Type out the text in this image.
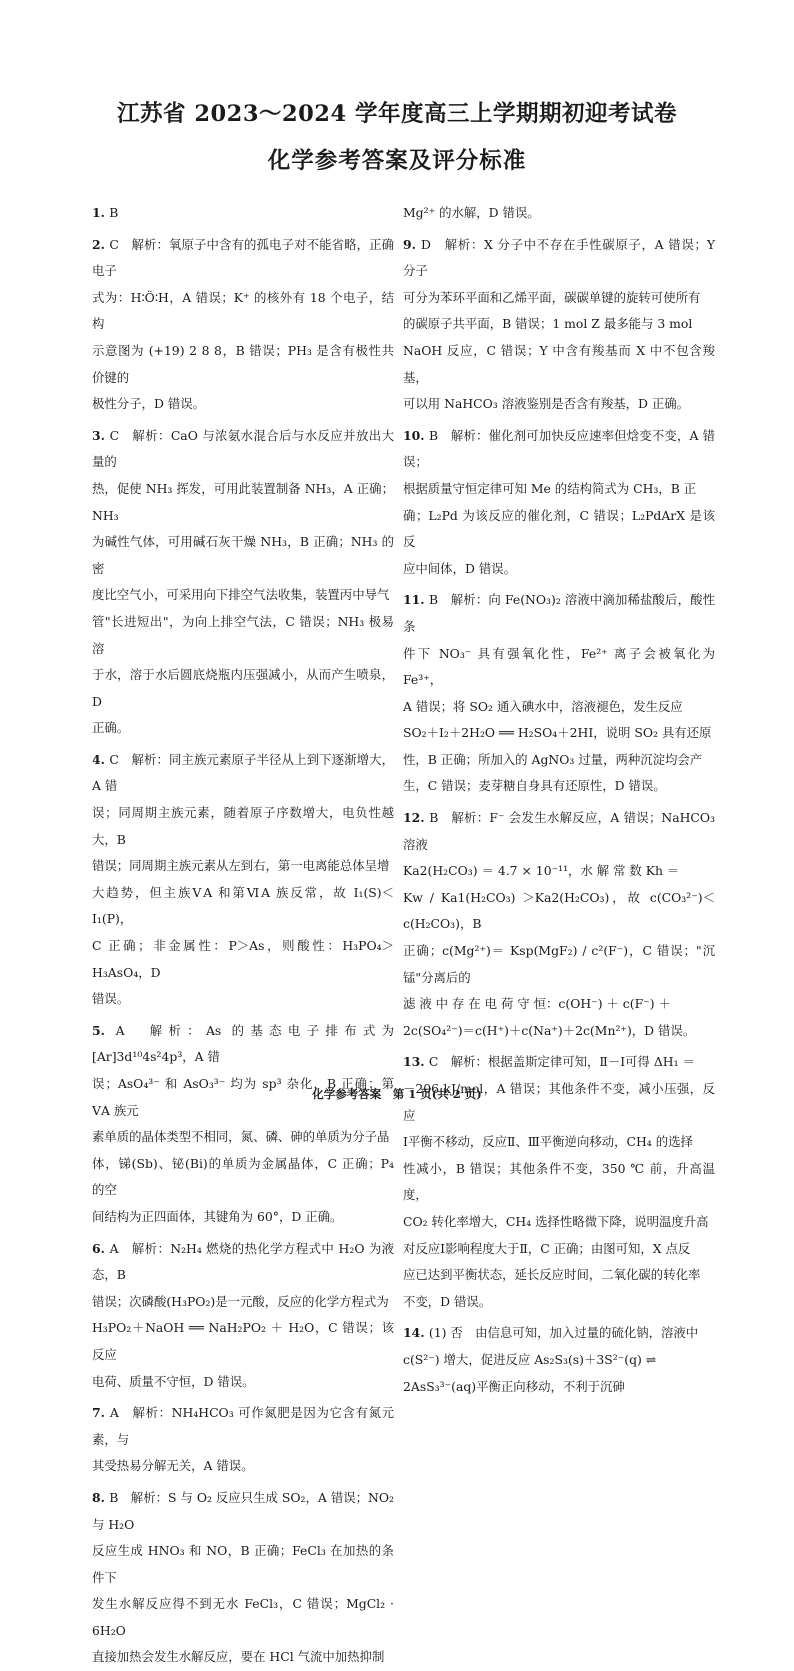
江苏省 2023～2024 学年度高三上学期期初迎考试卷
化学参考答案及评分标准
1. B　
2. C　解析：氧原子中含有的孤电子对不能省略，正确电子
式为：H∶Ö∶H，A 错误；K⁺ 的核外有 18 个电子，结构
示意图为 (+19) 2 8 8，B 错误；PH₃ 是含有极性共价键的
极性分子，D 错误。
3. C　解析：CaO 与浓氨水混合后与水反应并放出大量的
热，促使 NH₃ 挥发，可用此装置制备 NH₃，A 正确；NH₃
为碱性气体，可用碱石灰干燥 NH₃，B 正确；NH₃ 的密
度比空气小，可采用向下排空气法收集，装置丙中导气
管"长进短出"，为向上排空气法，C 错误；NH₃ 极易溶
于水，溶于水后圆底烧瓶内压强减小，从而产生喷泉，D
正确。
4. C　解析：同主族元素原子半径从上到下逐渐增大，A 错
误；同周期主族元素，随着原子序数增大，电负性越大，B
错误；同周期主族元素从左到右，第一电离能总体呈增
大趋势，但主族ⅤA 和第ⅥA 族反常，故 I₁(S)＜I₁(P)，
C 正确；非金属性：P＞As，则酸性：H₃PO₄＞H₃AsO₄，D
错误。
5. A　解析：As 的基态电子排布式为[Ar]3d¹⁰4s²4p³，A 错
误；AsO₄³⁻ 和 AsO₃³⁻ 均为 sp³ 杂化，B 正确；第ⅤA 族元
素单质的晶体类型不相同，氮、磷、砷的单质为分子晶
体，锑(Sb)、铋(Bi)的单质为金属晶体，C 正确；P₄ 的空
间结构为正四面体，其键角为 60°，D 正确。
6. A　解析：N₂H₄ 燃烧的热化学方程式中 H₂O 为液态，B
错误；次磷酸(H₃PO₂)是一元酸，反应的化学方程式为
H₃PO₂＋NaOH ══ NaH₂PO₂ ＋ H₂O，C 错误；该反应
电荷、质量不守恒，D 错误。
7. A　解析：NH₄HCO₃ 可作氮肥是因为它含有氮元素，与
其受热易分解无关，A 错误。
8. B　解析：S 与 O₂ 反应只生成 SO₂，A 错误；NO₂ 与 H₂O
反应生成 HNO₃ 和 NO，B 正确；FeCl₃ 在加热的条件下
发生水解反应得不到无水 FeCl₃，C 错误；MgCl₂ · 6H₂O
直接加热会发生水解反应，要在 HCl 气流中加热抑制
Mg²⁺ 的水解，D 错误。
9. D　解析：X 分子中不存在手性碳原子，A 错误；Y 分子
可分为苯环平面和乙烯平面，碳碳单键的旋转可使所有
的碳原子共平面，B 错误；1 mol Z 最多能与 3 mol
NaOH 反应，C 错误；Y 中含有羧基而 X 中不包含羧基，
可以用 NaHCO₃ 溶液鉴别是否含有羧基，D 正确。
10. B　解析：催化剂可加快反应速率但焓变不变，A 错误；
根据质量守恒定律可知 Me 的结构简式为 CH₃，B 正
确；L₂Pd 为该反应的催化剂，C 错误；L₂PdArX 是该反
应中间体，D 错误。
11. B　解析：向 Fe(NO₃)₂ 溶液中滴加稀盐酸后，酸性条
件下 NO₃⁻ 具有强氧化性，Fe²⁺ 离子会被氧化为 Fe³⁺，
A 错误；将 SO₂ 通入碘水中，溶液褪色，发生反应
SO₂＋I₂＋2H₂O ══ H₂SO₄＋2HI，说明 SO₂ 具有还原
性，B 正确；所加入的 AgNO₃ 过量，两种沉淀均会产
生，C 错误；麦芽糖自身具有还原性，D 错误。
12. B　解析：F⁻ 会发生水解反应，A 错误；NaHCO₃ 溶液
Ka2(H₂CO₃) ＝ 4.7 × 10⁻¹¹，水 解 常 数 Kh ＝
Kw / Ka1(H₂CO₃) ＞Ka2(H₂CO₃)，故 c(CO₃²⁻)＜c(H₂CO₃)，B
正确；c(Mg²⁺)＝ Ksp(MgF₂) / c²(F⁻)，C 错误；"沉锰"分离后的
滤 液 中 存 在 电 荷 守 恒：c(OH⁻) ＋ c(F⁻) ＋
2c(SO₄²⁻)＝c(H⁺)＋c(Na⁺)＋2c(Mn²⁺)，D 错误。
13. C　解析：根据盖斯定律可知，Ⅱ－Ⅰ可得 ΔH₁ ＝
－206 kJ/mol，A 错误；其他条件不变，减小压强，反应
Ⅰ平衡不移动，反应Ⅱ、Ⅲ平衡逆向移动，CH₄ 的选择
性减小，B 错误；其他条件不变，350 ℃ 前，升高温度，
CO₂ 转化率增大，CH₄ 选择性略微下降，说明温度升高
对反应Ⅰ影响程度大于Ⅱ，C 正确；由图可知，X 点反
应已达到平衡状态，延长反应时间，二氧化碳的转化率
不变，D 错误。
14. (1) 否　由信息可知，加入过量的硫化钠，溶液中
c(S²⁻) 增大，促进反应 As₂S₃(s)＋3S²⁻(q) ⇌
2AsS₃³⁻(aq)平衡正向移动，不利于沉砷
化学参考答案　第 1 页(共 2 页)
